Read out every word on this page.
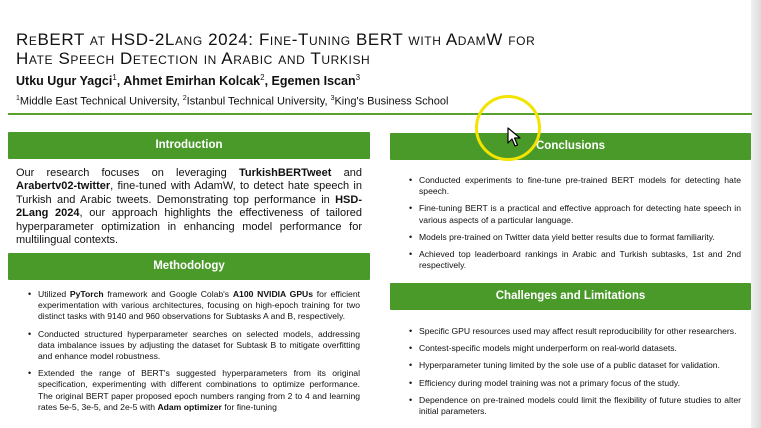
ReBERT at HSD-2Lang 2024: Fine-Tuning BERT with AdamW for
Hate Speech Detection in Arabic and Turkish
Utku Ugur Yagci$^1$, Ahmet Emirhan Kolcak$^2$, Egemen Iscan$^3$
$^1$Middle East Technical University, $^2$Istanbul Technical University, $^3$King's Business School
Introduction

Our research focuses on leveraging TurkishBERTweet and Arabertv02-twitter, fine-tuned with AdamW, to detect hate speech in Turkish and Arabic tweets. Demonstrating top performance in HSD-2Lang 2024, our approach highlights the effectiveness of tailored hyperparameter optimization in enhancing model performance for multilingual contexts.

Methodology
• Utilized PyTorch framework and Google Colab's A100 NVIDIA GPUs for efficient experimentation with various architectures, focusing on high-epoch training for two distinct tasks with 9140 and 960 observations for Subtasks A and B, respectively.
• Conducted structured hyperparameter searches on selected models, addressing data imbalance issues by adjusting the dataset for Subtask B to mitigate overfitting and enhance model robustness.
• Extended the range of BERT's suggested hyperparameters from its original specification, experimenting with different combinations to optimize performance. The original BERT paper proposed epoch numbers ranging from 2 to 4 and learning rates 5e-5, 3e-5, and 2e-5 with Adam optimizer for fine-tuning
Conclusions
• Conducted experiments to fine-tune pre-trained BERT models for detecting hate speech.
• Fine-tuning BERT is a practical and effective approach for detecting hate speech in various aspects of a particular language.
• Models pre-trained on Twitter data yield better results due to format familiarity.
• Achieved top leaderboard rankings in Arabic and Turkish subtasks, 1st and 2nd respectively.
Challenges and Limitations
• Specific GPU resources used may affect result reproducibility for other researchers.
• Contest-specific models might underperform on real-world datasets.
• Hyperparameter tuning limited by the sole use of a public dataset for validation.
• Efficiency during model training was not a primary focus of the study.
• Dependence on pre-trained models could limit the flexibility of future studies to alter initial parameters.
